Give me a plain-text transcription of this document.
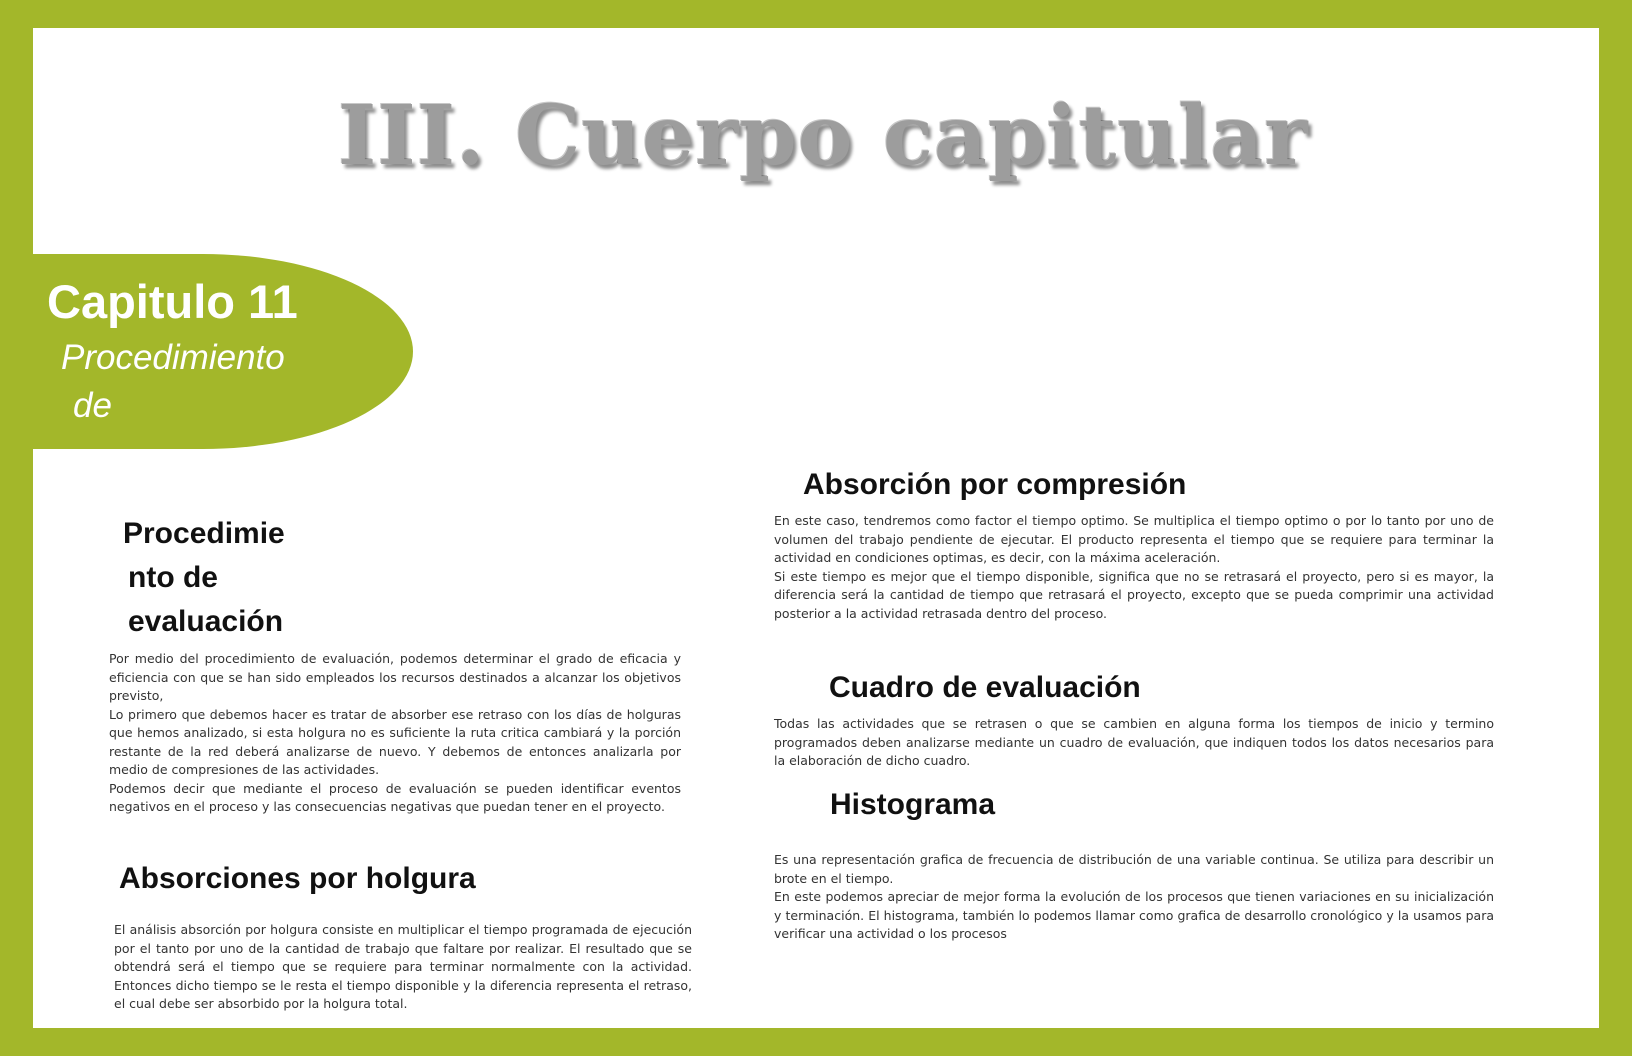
III. Cuerpo capitular
Capitulo 11
Procedimiento
de
Procedimie
nto de
evaluación

Por medio del procedimiento de evaluación, podemos determinar el grado de eficacia y eficiencia con que se han sido empleados los recursos destinados a alcanzar los objetivos previsto,

Lo primero que debemos hacer es tratar de absorber ese retraso con los días de holguras que hemos analizado, si esta holgura no es suficiente la ruta critica cambiará y la porción restante de la red deberá analizarse de nuevo. Y debemos de entonces analizarla por medio de compresiones de las actividades.

Podemos decir que mediante el proceso de evaluación se pueden identificar eventos negativos en el proceso y las consecuencias negativas que puedan tener en el proyecto.

Absorciones por holgura

El análisis absorción por holgura consiste en multiplicar el tiempo programada de ejecución por el tanto por uno de la cantidad de trabajo que faltare por realizar. El resultado que se obtendrá será el tiempo que se requiere para terminar normalmente con la actividad. Entonces dicho tiempo se le resta el tiempo disponible y la diferencia representa el retraso, el cual debe ser absorbido por la holgura total.

Absorción por compresión

En este caso, tendremos como factor el tiempo optimo. Se multiplica el tiempo optimo o por lo tanto por uno de volumen del trabajo pendiente de ejecutar. El producto representa el tiempo que se requiere para terminar la actividad en condiciones optimas, es decir, con la máxima aceleración.

Si este tiempo es mejor que el tiempo disponible, significa que no se retrasará el proyecto, pero si es mayor, la diferencia será la cantidad de tiempo que retrasará el proyecto, excepto que se pueda comprimir una actividad posterior a la actividad retrasada dentro del proceso.

Cuadro de evaluación

Todas las actividades que se retrasen o que se cambien en alguna forma los tiempos de inicio y termino programados deben analizarse mediante un cuadro de evaluación, que indiquen todos los datos necesarios para la elaboración de dicho cuadro.

Histograma

Es una representación grafica de frecuencia de distribución de una variable continua. Se utiliza para describir un brote en el tiempo.

En este podemos apreciar de mejor forma la evolución de los procesos que tienen variaciones en su inicialización y terminación. El histograma, también lo podemos llamar como grafica de desarrollo cronológico y la usamos para verificar una actividad o los procesos
